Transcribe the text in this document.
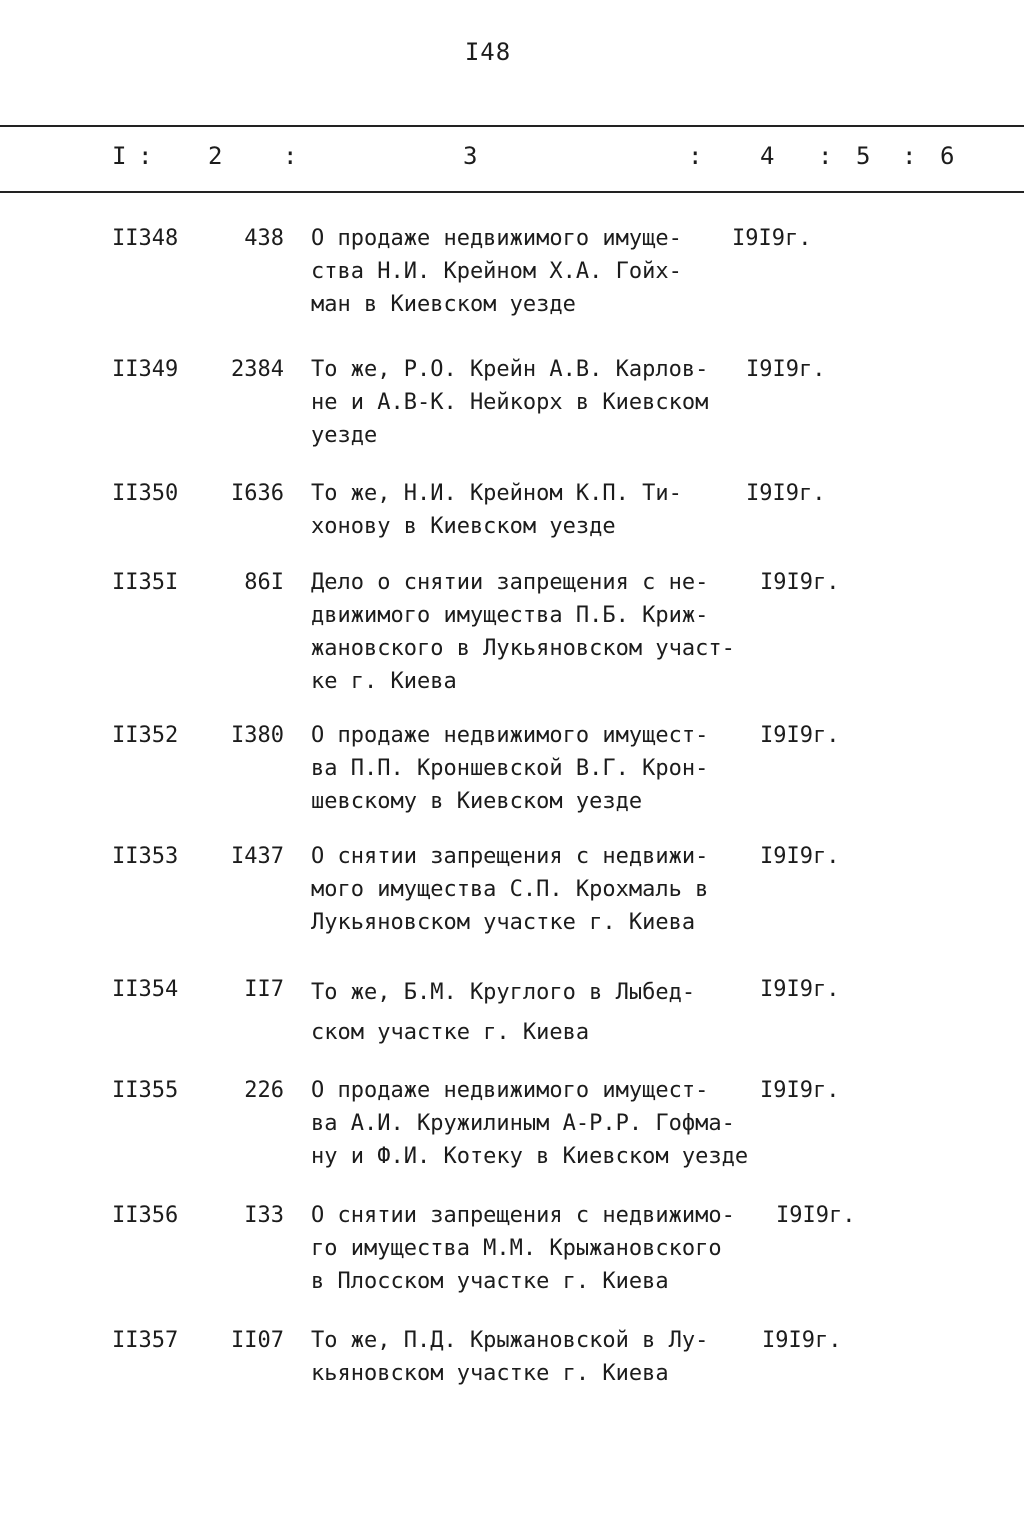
I48
I : 2	:	3	: 4 : 5 : 6
II348	438 О продаже недвижимого имуще-
ства Н.И. Крейном Х.А. Гойх-
ман в Киевском уезде
I9I9г.
II349	2384 То же, Р.О. Крейн А.В. Карлов-
не и А.В-К. Нейкорх в Киевском
уезде
I9I9г.
II350	I636 То же, Н.И. Крейном К.П. Ти-
хонову в Киевском уезде
I9I9г.
II35I	86I Дело о снятии запрещения с не-
движимого имущества П.Б. Криж-
жановского в Лукьяновском участ-
ке г. Киева
I9I9г.
II352	I380 О продаже недвижимого имущест-
ва П.П. Кроншевской В.Г. Крон-
шевскому в Киевском уезде
I9I9г.
II353	I437 О снятии запрещения с недвижи-
мого имущества С.П. Крохмаль в
Лукьяновском участке г. Киева
I9I9г.
II354	II7 То же, Б.М. Круглого в Лыбед-
ском участке г. Киева
I9I9г.
II355	226 О продаже недвижимого имущест-
ва А.И. Кружилиным А-Р.Р. Гофма-
ну и Ф.И. Котеку в Киевском уезде
I9I9г.
II356	I33 О снятии запрещения с недвижимо-
го имущества М.М. Крыжановского
в Плосском участке г. Киева
I9I9г.
II357	II07 То же, П.Д. Крыжановской в Лу-
кьяновском участке г. Киева
I9I9г.
